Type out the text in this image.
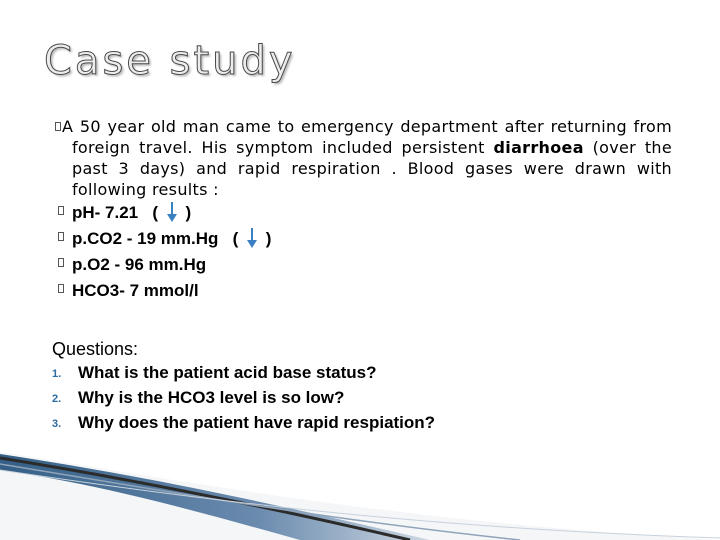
Case study
A 50 year old man came to emergency department after returning from foreign travel. His symptom included persistent diarrhoea (over the past 3 days) and rapid respiration . Blood gases were drawn with following results :
pH- 7.21 ( )
p.CO2 - 19 mm.Hg ( )
p.O2 - 96 mm.Hg
HCO3- 7 mmol/l
Questions:
1. What is the patient acid base status?
2. Why is the HCO3 level is so low?
3. Why does the patient have rapid respiation?
